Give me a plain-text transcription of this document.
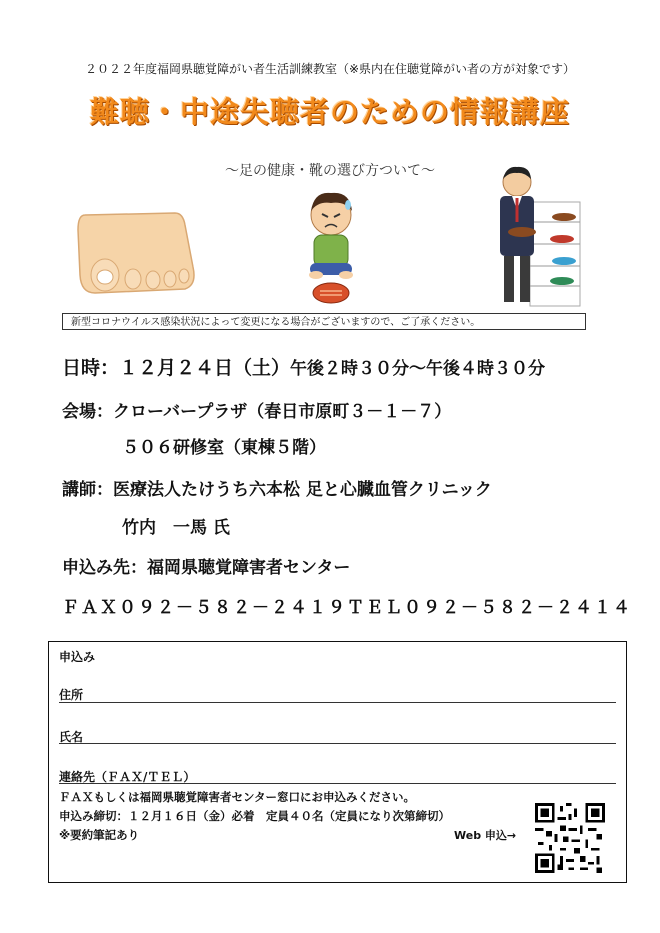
２０２２年度福岡県聴覚障がい者生活訓練教室（※県内在住聴覚障がい者の方が対象です）
難聴・中途失聴者のための情報講座
～足の健康・靴の選び方ついて～
新型コロナウイルス感染状況によって変更になる場合がございますので、ご了承ください。
日時：１２月２４日（土）午後２時３０分～午後４時３０分
会場：クローバープラザ（春日市原町３－１－７）
５０６研修室（東棟５階）
講師：医療法人たけうち六本松 足と心臓血管クリニック
竹内　一馬 氏
申込み先：福岡県聴覚障害者センター
ＦＡＸ０９２－５８２－２４１９ＴＥＬ０９２－５８２－２４１４
申込み
住所
氏名
連絡先（ＦＡＸ/ＴＥＬ）
ＦＡＸもしくは福岡県聴覚障害者センター窓口にお申込みください。
申込み締切：１２月１６日（金）必着　定員４０名（定員になり次第締切）
※要約筆記あり	Web 申込→
